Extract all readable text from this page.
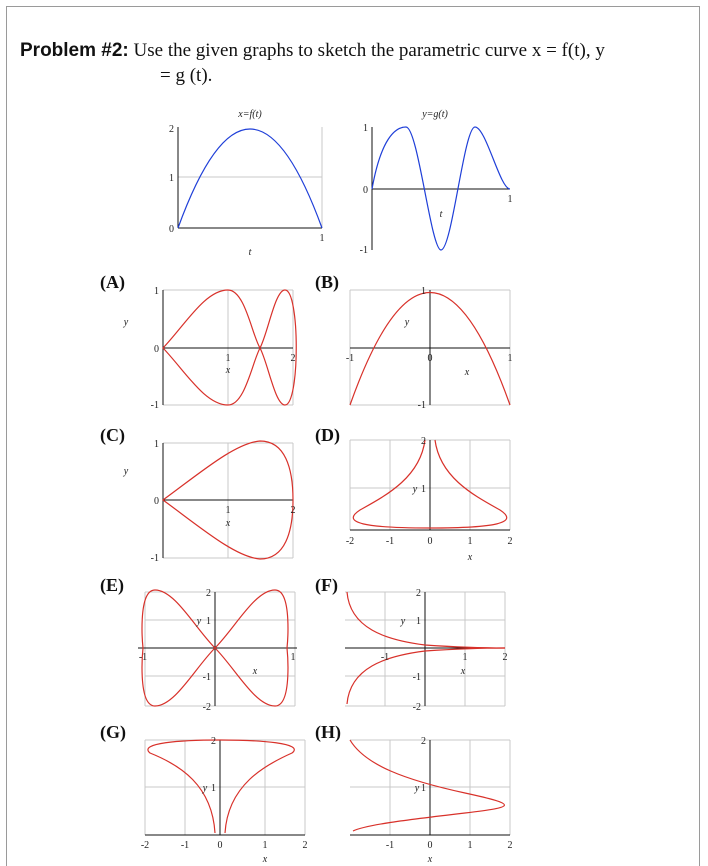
Problem #2: Use the given graphs to sketch the parametric curve x = f(t), y
= g (t).
x=f(t)
2
1
0
1
t
y=g(t)
1
0
-1
1
t
(A)	1
0
-1
1	2
x
y
(B)	1
-1	0	1
-1
x
y
(C)	1
0
-1
1	2
x
y
(D)	2
1
-2	-1	0	1	2
x
y
(E)	2
1
-1
-2
-1	1
x
y
(F)	2
1
-1
-2
-1	1	2
x
y
(G)	2
1
-2	-1	0	1	2
x
y
(H)	2
1
-1	0	1	2
x
y
